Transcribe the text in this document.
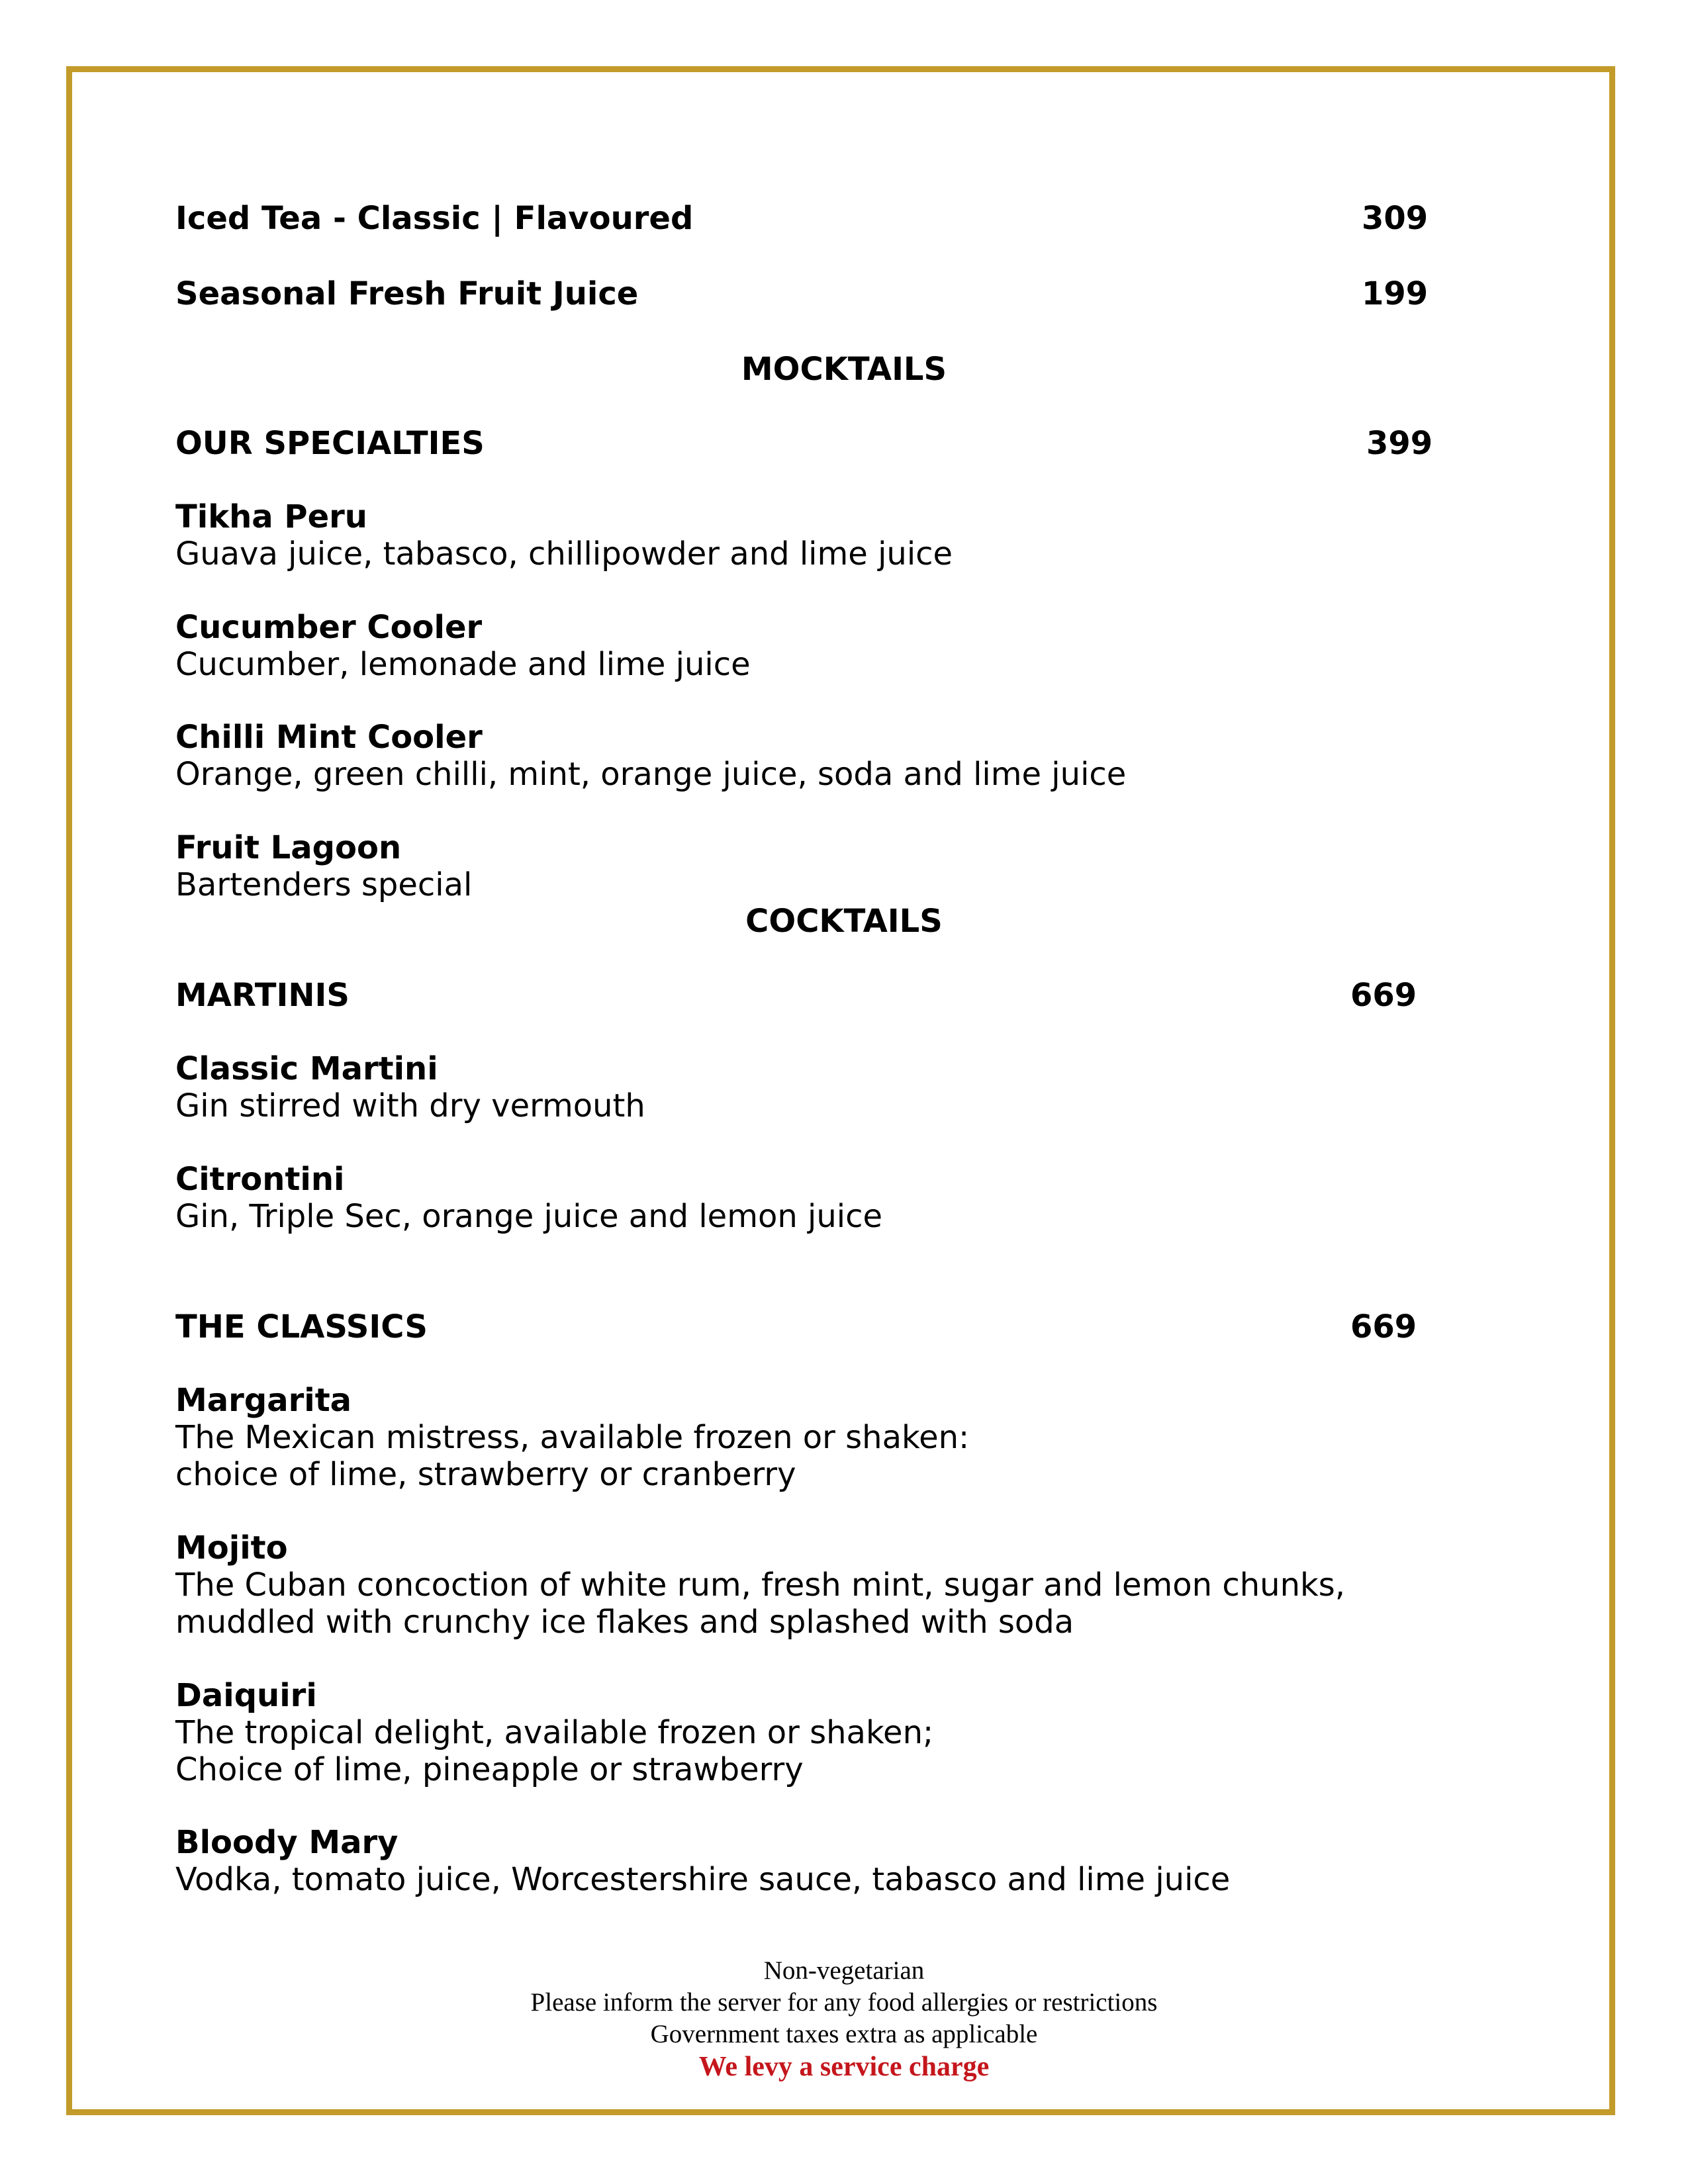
Iced Tea - Classic | Flavoured	309
Seasonal Fresh Fruit Juice	199
MOCKTAILS
OUR SPECIALTIES	399
Tikha Peru
Guava juice, tabasco, chillipowder and lime juice
Cucumber Cooler
Cucumber, lemonade and lime juice
Chilli Mint Cooler
Orange, green chilli, mint, orange juice, soda and lime juice
Fruit Lagoon
Bartenders special
COCKTAILS
MARTINIS	669
Classic Martini
Gin stirred with dry vermouth
Citrontini
Gin, Triple Sec, orange juice and lemon juice
THE CLASSICS	669
Margarita
The Mexican mistress, available frozen or shaken:
choice of lime, strawberry or cranberry
Mojito
The Cuban concoction of white rum, fresh mint, sugar and lemon chunks,
muddled with crunchy ice flakes and splashed with soda
Daiquiri
The tropical delight, available frozen or shaken;
Choice of lime, pineapple or strawberry
Bloody Mary
Vodka, tomato juice, Worcestershire sauce, tabasco and lime juice
Non-vegetarian
Please inform the server for any food allergies or restrictions
Government taxes extra as applicable
We levy a service charge
